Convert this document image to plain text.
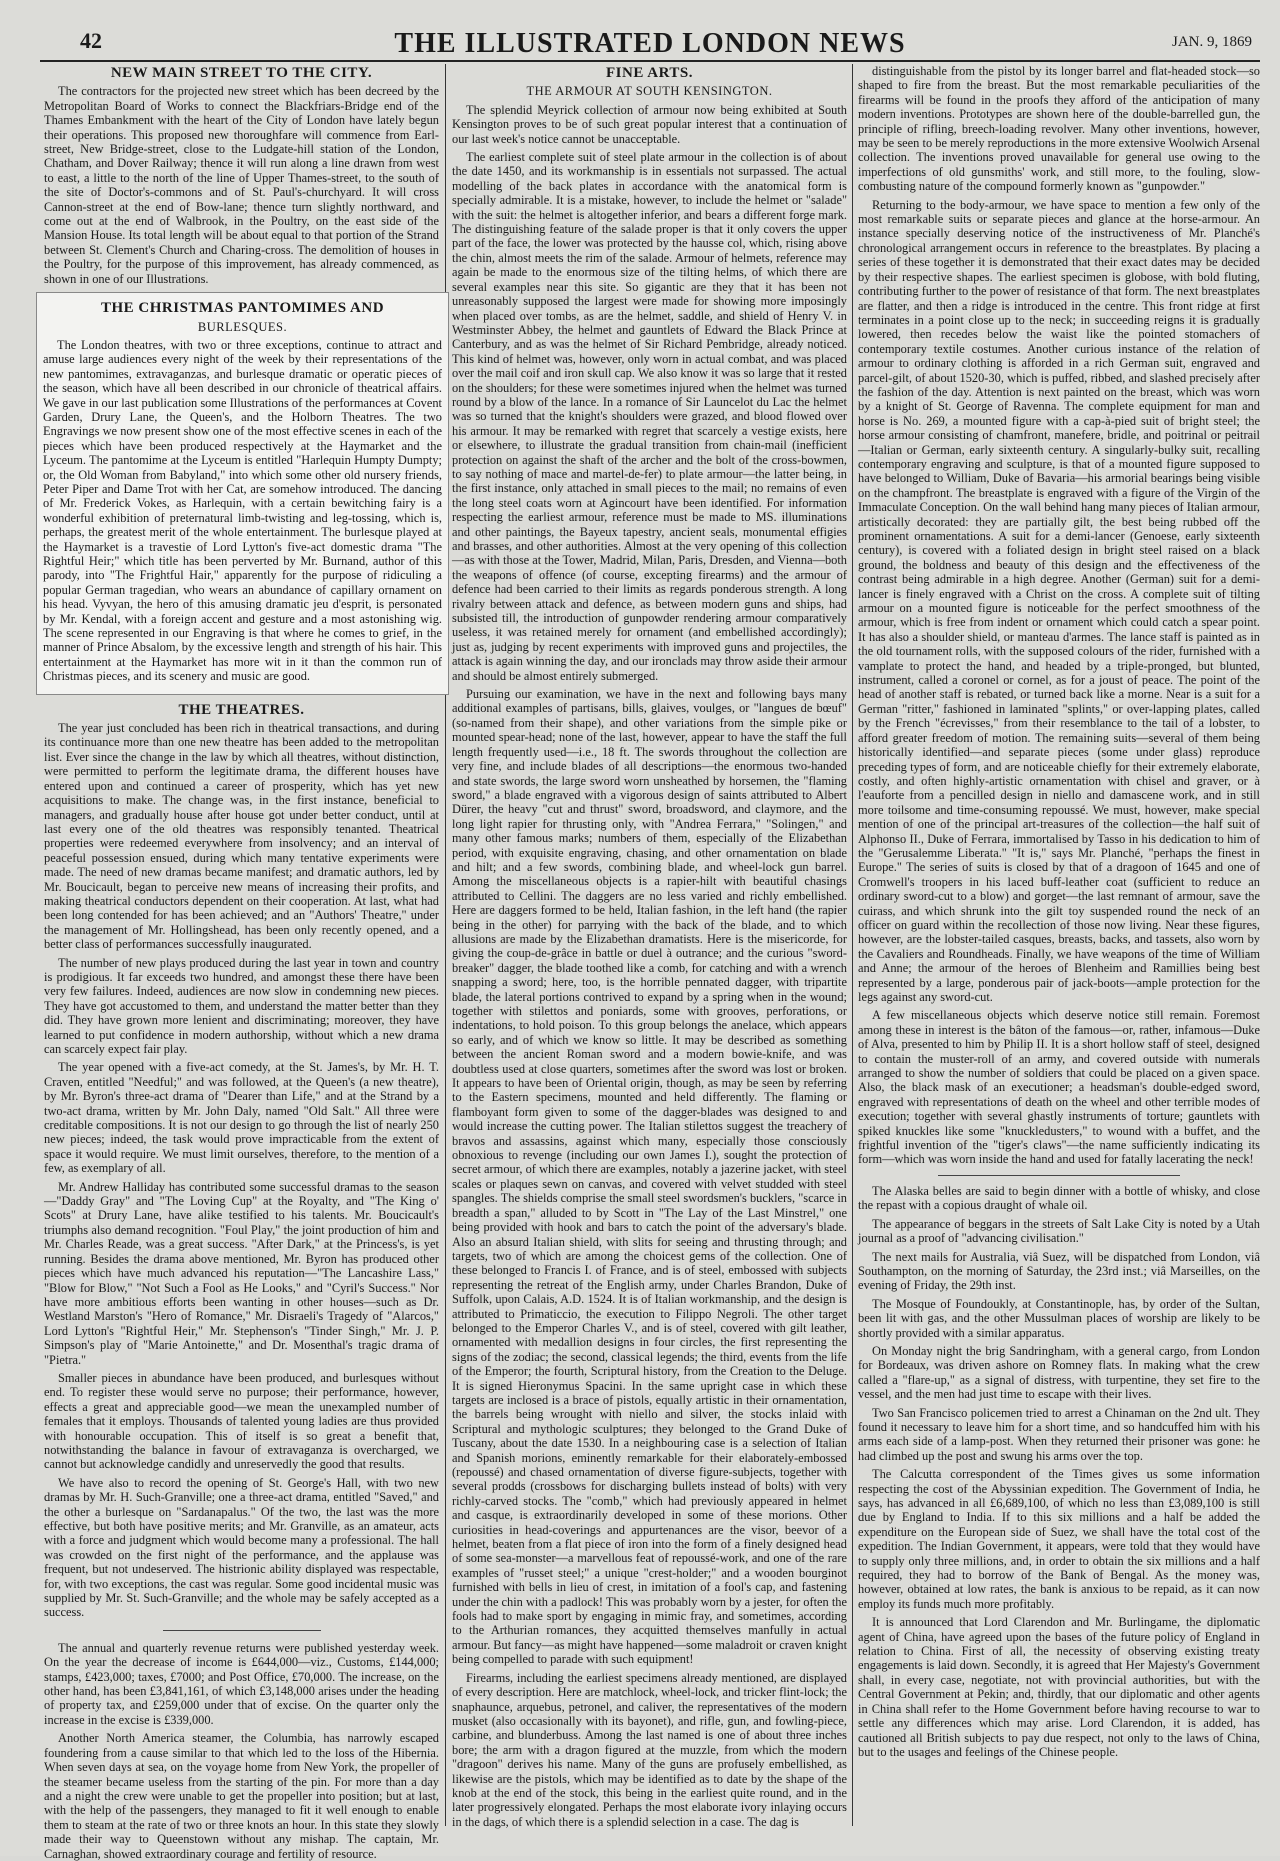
42	THE ILLUSTRATED LONDON NEWS	JAN. 9, 1869
NEW MAIN STREET TO THE CITY.

The contractors for the projected new street which has been decreed by the Metropolitan Board of Works to connect the Blackfriars-Bridge end of the Thames Embankment with the heart of the City of London have lately begun their operations. This proposed new thoroughfare will commence from Earl-street, New Bridge-street, close to the Ludgate-hill station of the London, Chatham, and Dover Railway; thence it will run along a line drawn from west to east, a little to the north of the line of Upper Thames-street, to the south of the site of Doctor's-commons and of St. Paul's-churchyard. It will cross Cannon-street at the end of Bow-lane; thence turn slightly northward, and come out at the end of Walbrook, in the Poultry, on the east side of the Mansion House. Its total length will be about equal to that portion of the Strand between St. Clement's Church and Charing-cross. The demolition of houses in the Poultry, for the purpose of this improvement, has already commenced, as shown in one of our Illustrations.

THE CHRISTMAS PANTOMIMES AND
BURLESQUES.

The London theatres, with two or three exceptions, continue to attract and amuse large audiences every night of the week by their representations of the new pantomimes, extravaganzas, and burlesque dramatic or operatic pieces of the season, which have all been described in our chronicle of theatrical affairs. We gave in our last publication some Illustrations of the performances at Covent Garden, Drury Lane, the Queen's, and the Holborn Theatres. The two Engravings we now present show one of the most effective scenes in each of the pieces which have been produced respectively at the Haymarket and the Lyceum. The pantomime at the Lyceum is entitled "Harlequin Humpty Dumpty; or, the Old Woman from Babyland," into which some other old nursery friends, Peter Piper and Dame Trot with her Cat, are somehow introduced. The dancing of Mr. Frederick Vokes, as Harlequin, with a certain bewitching fairy is a wonderful exhibition of preternatural limb-twisting and leg-tossing, which is, perhaps, the greatest merit of the whole entertainment. The burlesque played at the Haymarket is a travestie of Lord Lytton's five-act domestic drama "The Rightful Heir;" which title has been perverted by Mr. Burnand, author of this parody, into "The Frightful Hair," apparently for the purpose of ridiculing a popular German tragedian, who wears an abundance of capillary ornament on his head. Vyvyan, the hero of this amusing dramatic jeu d'esprit, is personated by Mr. Kendal, with a foreign accent and gesture and a most astonishing wig. The scene represented in our Engraving is that where he comes to grief, in the manner of Prince Absalom, by the excessive length and strength of his hair. This entertainment at the Haymarket has more wit in it than the common run of Christmas pieces, and its scenery and music are good.

THE THEATRES.

The year just concluded has been rich in theatrical transactions, and during its continuance more than one new theatre has been added to the metropolitan list. Ever since the change in the law by which all theatres, without distinction, were permitted to perform the legitimate drama, the different houses have entered upon and continued a career of prosperity, which has yet new acquisitions to make. The change was, in the first instance, beneficial to managers, and gradually house after house got under better conduct, until at last every one of the old theatres was responsibly tenanted. Theatrical properties were redeemed everywhere from insolvency; and an interval of peaceful possession ensued, during which many tentative experiments were made. The need of new dramas became manifest; and dramatic authors, led by Mr. Boucicault, began to perceive new means of increasing their profits, and making theatrical conductors dependent on their cooperation. At last, what had been long contended for has been achieved; and an "Authors' Theatre," under the management of Mr. Hollingshead, has been only recently opened, and a better class of performances successfully inaugurated.

The number of new plays produced during the last year in town and country is prodigious. It far exceeds two hundred, and amongst these there have been very few failures. Indeed, audiences are now slow in condemning new pieces. They have got accustomed to them, and understand the matter better than they did. They have grown more lenient and discriminating; moreover, they have learned to put confidence in modern authorship, without which a new drama can scarcely expect fair play.

The year opened with a five-act comedy, at the St. James's, by Mr. H. T. Craven, entitled "Needful;" and was followed, at the Queen's (a new theatre), by Mr. Byron's three-act drama of "Dearer than Life," and at the Strand by a two-act drama, written by Mr. John Daly, named "Old Salt." All three were creditable compositions. It is not our design to go through the list of nearly 250 new pieces; indeed, the task would prove impracticable from the extent of space it would require. We must limit ourselves, therefore, to the mention of a few, as exemplary of all.

Mr. Andrew Halliday has contributed some successful dramas to the season—"Daddy Gray" and "The Loving Cup" at the Royalty, and "The King o' Scots" at Drury Lane, have alike testified to his talents. Mr. Boucicault's triumphs also demand recognition. "Foul Play," the joint production of him and Mr. Charles Reade, was a great success. "After Dark," at the Princess's, is yet running. Besides the drama above mentioned, Mr. Byron has produced other pieces which have much advanced his reputation—"The Lancashire Lass," "Blow for Blow," "Not Such a Fool as He Looks," and "Cyril's Success." Nor have more ambitious efforts been wanting in other houses—such as Dr. Westland Marston's "Hero of Romance," Mr. Disraeli's Tragedy of "Alarcos," Lord Lytton's "Rightful Heir," Mr. Stephenson's "Tinder Singh," Mr. J. P. Simpson's play of "Marie Antoinette," and Dr. Mosenthal's tragic drama of "Pietra."

Smaller pieces in abundance have been produced, and burlesques without end. To register these would serve no purpose; their performance, however, effects a great and appreciable good—we mean the unexampled number of females that it employs. Thousands of talented young ladies are thus provided with honourable occupation. This of itself is so great a benefit that, notwithstanding the balance in favour of extravaganza is overcharged, we cannot but acknowledge candidly and unreservedly the good that results.

We have also to record the opening of St. George's Hall, with two new dramas by Mr. H. Such-Granville; one a three-act drama, entitled "Saved," and the other a burlesque on "Sardanapalus." Of the two, the last was the more effective, but both have positive merits; and Mr. Granville, as an amateur, acts with a force and judgment which would become many a professional. The hall was crowded on the first night of the performance, and the applause was frequent, but not undeserved. The histrionic ability displayed was respectable, for, with two exceptions, the cast was regular. Some good incidental music was supplied by Mr. St. Such-Granville; and the whole may be safely accepted as a success.

The annual and quarterly revenue returns were published yesterday week. On the year the decrease of income is £644,000—viz., Customs, £144,000; stamps, £423,000; taxes, £7000; and Post Office, £70,000. The increase, on the other hand, has been £3,841,161, of which £3,148,000 arises under the heading of property tax, and £259,000 under that of excise. On the quarter only the increase in the excise is £339,000.

Another North America steamer, the Columbia, has narrowly escaped foundering from a cause similar to that which led to the loss of the Hibernia. When seven days at sea, on the voyage home from New York, the propeller of the steamer became useless from the starting of the pin. For more than a day and a night the crew were unable to get the propeller into position; but at last, with the help of the passengers, they managed to fit it well enough to enable them to steam at the rate of two or three knots an hour. In this state they slowly made their way to Queenstown without any mishap. The captain, Mr. Carnaghan, showed extraordinary courage and fertility of resource.

FINE ARTS.
THE ARMOUR AT SOUTH KENSINGTON.

The splendid Meyrick collection of armour now being exhibited at South Kensington proves to be of such great popular interest that a continuation of our last week's notice cannot be unacceptable.

The earliest complete suit of steel plate armour in the collection is of about the date 1450, and its workmanship is in essentials not surpassed. The actual modelling of the back plates in accordance with the anatomical form is specially admirable. It is a mistake, however, to include the helmet or "salade" with the suit: the helmet is altogether inferior, and bears a different forge mark. The distinguishing feature of the salade proper is that it only covers the upper part of the face, the lower was protected by the hausse col, which, rising above the chin, almost meets the rim of the salade. Armour of helmets, reference may again be made to the enormous size of the tilting helms, of which there are several examples near this site. So gigantic are they that it has been not unreasonably supposed the largest were made for showing more imposingly when placed over tombs, as are the helmet, saddle, and shield of Henry V. in Westminster Abbey, the helmet and gauntlets of Edward the Black Prince at Canterbury, and as was the helmet of Sir Richard Pembridge, already noticed. This kind of helmet was, however, only worn in actual combat, and was placed over the mail coif and iron skull cap. We also know it was so large that it rested on the shoulders; for these were sometimes injured when the helmet was turned round by a blow of the lance. In a romance of Sir Launcelot du Lac the helmet was so turned that the knight's shoulders were grazed, and blood flowed over his armour. It may be remarked with regret that scarcely a vestige exists, here or elsewhere, to illustrate the gradual transition from chain-mail (inefficient protection on against the shaft of the archer and the bolt of the cross-bowmen, to say nothing of mace and martel-de-fer) to plate armour—the latter being, in the first instance, only attached in small pieces to the mail; no remains of even the long steel coats worn at Agincourt have been identified. For information respecting the earliest armour, reference must be made to MS. illuminations and other paintings, the Bayeux tapestry, ancient seals, monumental effigies and brasses, and other authorities. Almost at the very opening of this collection—as with those at the Tower, Madrid, Milan, Paris, Dresden, and Vienna—both the weapons of offence (of course, excepting firearms) and the armour of defence had been carried to their limits as regards ponderous strength. A long rivalry between attack and defence, as between modern guns and ships, had subsisted till, the introduction of gunpowder rendering armour comparatively useless, it was retained merely for ornament (and embellished accordingly); just as, judging by recent experiments with improved guns and projectiles, the attack is again winning the day, and our ironclads may throw aside their armour and should be almost entirely submerged.

Pursuing our examination, we have in the next and following bays many additional examples of partisans, bills, glaives, voulges, or "langues de bœuf" (so-named from their shape), and other variations from the simple pike or mounted spear-head; none of the last, however, appear to have the staff the full length frequently used—i.e., 18 ft. The swords throughout the collection are very fine, and include blades of all descriptions—the enormous two-handed and state swords, the large sword worn unsheathed by horsemen, the "flaming sword," a blade engraved with a vigorous design of saints attributed to Albert Dürer, the heavy "cut and thrust" sword, broadsword, and claymore, and the long light rapier for thrusting only, with "Andrea Ferrara," "Solingen," and many other famous marks; numbers of them, especially of the Elizabethan period, with exquisite engraving, chasing, and other ornamentation on blade and hilt; and a few swords, combining blade, and wheel-lock gun barrel. Among the miscellaneous objects is a rapier-hilt with beautiful chasings attributed to Cellini. The daggers are no less varied and richly embellished. Here are daggers formed to be held, Italian fashion, in the left hand (the rapier being in the other) for parrying with the back of the blade, and to which allusions are made by the Elizabethan dramatists. Here is the misericorde, for giving the coup-de-grâce in battle or duel à outrance; and the curious "sword-breaker" dagger, the blade toothed like a comb, for catching and with a wrench snapping a sword; here, too, is the horrible pennated dagger, with tripartite blade, the lateral portions contrived to expand by a spring when in the wound; together with stilettos and poniards, some with grooves, perforations, or indentations, to hold poison. To this group belongs the anelace, which appears so early, and of which we know so little. It may be described as something between the ancient Roman sword and a modern bowie-knife, and was doubtless used at close quarters, sometimes after the sword was lost or broken. It appears to have been of Oriental origin, though, as may be seen by referring to the Eastern specimens, mounted and held differently. The flaming or flamboyant form given to some of the dagger-blades was designed to and would increase the cutting power. The Italian stilettos suggest the treachery of bravos and assassins, against which many, especially those consciously obnoxious to revenge (including our own James I.), sought the protection of secret armour, of which there are examples, notably a jazerine jacket, with steel scales or plaques sewn on canvas, and covered with velvet studded with steel spangles. The shields comprise the small steel swordsmen's bucklers, "scarce in breadth a span," alluded to by Scott in "The Lay of the Last Minstrel," one being provided with hook and bars to catch the point of the adversary's blade. Also an absurd Italian shield, with slits for seeing and thrusting through; and targets, two of which are among the choicest gems of the collection. One of these belonged to Francis I. of France, and is of steel, embossed with subjects representing the retreat of the English army, under Charles Brandon, Duke of Suffolk, upon Calais, A.D. 1524. It is of Italian workmanship, and the design is attributed to Primaticcio, the execution to Filippo Negroli. The other target belonged to the Emperor Charles V., and is of steel, covered with gilt leather, ornamented with medallion designs in four circles, the first representing the signs of the zodiac; the second, classical legends; the third, events from the life of the Emperor; the fourth, Scriptural history, from the Creation to the Deluge. It is signed Hieronymus Spacini. In the same upright case in which these targets are inclosed is a brace of pistols, equally artistic in their ornamentation, the barrels being wrought with niello and silver, the stocks inlaid with Scriptural and mythologic sculptures; they belonged to the Grand Duke of Tuscany, about the date 1530. In a neighbouring case is a selection of Italian and Spanish morions, eminently remarkable for their elaborately-embossed (repoussé) and chased ornamentation of diverse figure-subjects, together with several prodds (crossbows for discharging bullets instead of bolts) with very richly-carved stocks. The "comb," which had previously appeared in helmet and casque, is extraordinarily developed in some of these morions. Other curiosities in head-coverings and appurtenances are the visor, beevor of a helmet, beaten from a flat piece of iron into the form of a finely designed head of some sea-monster—a marvellous feat of repoussé-work, and one of the rare examples of "russet steel;" a unique "crest-holder;" and a wooden bourginot furnished with bells in lieu of crest, in imitation of a fool's cap, and fastening under the chin with a padlock! This was probably worn by a jester, for often the fools had to make sport by engaging in mimic fray, and sometimes, according to the Arthurian romances, they acquitted themselves manfully in actual armour. But fancy—as might have happened—some maladroit or craven knight being compelled to parade with such equipment!

Firearms, including the earliest specimens already mentioned, are displayed of every description. Here are matchlock, wheel-lock, and tricker flint-lock; the snaphaunce, arquebus, petronel, and caliver, the representatives of the modern musket (also occasionally with its bayonet), and rifle, gun, and fowling-piece, carbine, and blunderbuss. Among the last named is one of about three inches bore; the arm with a dragon figured at the muzzle, from which the modern "dragoon" derives his name. Many of the guns are profusely embellished, as likewise are the pistols, which may be identified as to date by the shape of the knob at the end of the stock, this being in the earliest quite round, and in the later progressively elongated. Perhaps the most elaborate ivory inlaying occurs in the dags, of which there is a splendid selection in a case. The dag is

distinguishable from the pistol by its longer barrel and flat-headed stock—so shaped to fire from the breast. But the most remarkable peculiarities of the firearms will be found in the proofs they afford of the anticipation of many modern inventions. Prototypes are shown here of the double-barrelled gun, the principle of rifling, breech-loading revolver. Many other inventions, however, may be seen to be merely reproductions in the more extensive Woolwich Arsenal collection. The inventions proved unavailable for general use owing to the imperfections of old gunsmiths' work, and still more, to the fouling, slow-combusting nature of the compound formerly known as "gunpowder."

Returning to the body-armour, we have space to mention a few only of the most remarkable suits or separate pieces and glance at the horse-armour. An instance specially deserving notice of the instructiveness of Mr. Planché's chronological arrangement occurs in reference to the breastplates. By placing a series of these together it is demonstrated that their exact dates may be decided by their respective shapes. The earliest specimen is globose, with bold fluting, contributing further to the power of resistance of that form. The next breastplates are flatter, and then a ridge is introduced in the centre. This front ridge at first terminates in a point close up to the neck; in succeeding reigns it is gradually lowered, then recedes below the waist like the pointed stomachers of contemporary textile costumes. Another curious instance of the relation of armour to ordinary clothing is afforded in a rich German suit, engraved and parcel-gilt, of about 1520-30, which is puffed, ribbed, and slashed precisely after the fashion of the day. Attention is next painted on the breast, which was worn by a knight of St. George of Ravenna. The complete equipment for man and horse is No. 269, a mounted figure with a cap-à-pied suit of bright steel; the horse armour consisting of chamfront, manefere, bridle, and poitrinal or peitrail—Italian or German, early sixteenth century. A singularly-bulky suit, recalling contemporary engraving and sculpture, is that of a mounted figure supposed to have belonged to William, Duke of Bavaria—his armorial bearings being visible on the champfront. The breastplate is engraved with a figure of the Virgin of the Immaculate Conception. On the wall behind hang many pieces of Italian armour, artistically decorated: they are partially gilt, the best being rubbed off the prominent ornamentations. A suit for a demi-lancer (Genoese, early sixteenth century), is covered with a foliated design in bright steel raised on a black ground, the boldness and beauty of this design and the effectiveness of the contrast being admirable in a high degree. Another (German) suit for a demi-lancer is finely engraved with a Christ on the cross. A complete suit of tilting armour on a mounted figure is noticeable for the perfect smoothness of the armour, which is free from indent or ornament which could catch a spear point. It has also a shoulder shield, or manteau d'armes. The lance staff is painted as in the old tournament rolls, with the supposed colours of the rider, furnished with a vamplate to protect the hand, and headed by a triple-pronged, but blunted, instrument, called a coronel or cornel, as for a joust of peace. The point of the head of another staff is rebated, or turned back like a morne. Near is a suit for a German "ritter," fashioned in laminated "splints," or over-lapping plates, called by the French "écrevisses," from their resemblance to the tail of a lobster, to afford greater freedom of motion. The remaining suits—several of them being historically identified—and separate pieces (some under glass) reproduce preceding types of form, and are noticeable chiefly for their extremely elaborate, costly, and often highly-artistic ornamentation with chisel and graver, or à l'eauforte from a pencilled design in niello and damascene work, and in still more toilsome and time-consuming repoussé. We must, however, make special mention of one of the principal art-treasures of the collection—the half suit of Alphonso II., Duke of Ferrara, immortalised by Tasso in his dedication to him of the "Gerusalemme Liberata." "It is," says Mr. Planché, "perhaps the finest in Europe." The series of suits is closed by that of a dragoon of 1645 and one of Cromwell's troopers in his laced buff-leather coat (sufficient to reduce an ordinary sword-cut to a blow) and gorget—the last remnant of armour, save the cuirass, and which shrunk into the gilt toy suspended round the neck of an officer on guard within the recollection of those now living. Near these figures, however, are the lobster-tailed casques, breasts, backs, and tassets, also worn by the Cavaliers and Roundheads. Finally, we have weapons of the time of William and Anne; the armour of the heroes of Blenheim and Ramillies being best represented by a large, ponderous pair of jack-boots—ample protection for the legs against any sword-cut.

A few miscellaneous objects which deserve notice still remain. Foremost among these in interest is the bâton of the famous—or, rather, infamous—Duke of Alva, presented to him by Philip II. It is a short hollow staff of steel, designed to contain the muster-roll of an army, and covered outside with numerals arranged to show the number of soldiers that could be placed on a given space. Also, the black mask of an executioner; a headsman's double-edged sword, engraved with representations of death on the wheel and other terrible modes of execution; together with several ghastly instruments of torture; gauntlets with spiked knuckles like some "knuckledusters," to wound with a buffet, and the frightful invention of the "tiger's claws"—the name sufficiently indicating its form—which was worn inside the hand and used for fatally lacerating the neck!

The Alaska belles are said to begin dinner with a bottle of whisky, and close the repast with a copious draught of whale oil.

The appearance of beggars in the streets of Salt Lake City is noted by a Utah journal as a proof of "advancing civilisation."

The next mails for Australia, viâ Suez, will be dispatched from London, viâ Southampton, on the morning of Saturday, the 23rd inst.; viâ Marseilles, on the evening of Friday, the 29th inst.

The Mosque of Foundoukly, at Constantinople, has, by order of the Sultan, been lit with gas, and the other Mussulman places of worship are likely to be shortly provided with a similar apparatus.

On Monday night the brig Sandringham, with a general cargo, from London for Bordeaux, was driven ashore on Romney flats. In making what the crew called a "flare-up," as a signal of distress, with turpentine, they set fire to the vessel, and the men had just time to escape with their lives.

Two San Francisco policemen tried to arrest a Chinaman on the 2nd ult. They found it necessary to leave him for a short time, and so handcuffed him with his arms each side of a lamp-post. When they returned their prisoner was gone: he had climbed up the post and swung his arms over the top.

The Calcutta correspondent of the Times gives us some information respecting the cost of the Abyssinian expedition. The Government of India, he says, has advanced in all £6,689,100, of which no less than £3,089,100 is still due by England to India. If to this six millions and a half be added the expenditure on the European side of Suez, we shall have the total cost of the expedition. The Indian Government, it appears, were told that they would have to supply only three millions, and, in order to obtain the six millions and a half required, they had to borrow of the Bank of Bengal. As the money was, however, obtained at low rates, the bank is anxious to be repaid, as it can now employ its funds much more profitably.

It is announced that Lord Clarendon and Mr. Burlingame, the diplomatic agent of China, have agreed upon the bases of the future policy of England in relation to China. First of all, the necessity of observing existing treaty engagements is laid down. Secondly, it is agreed that Her Majesty's Government shall, in every case, negotiate, not with provincial authorities, but with the Central Government at Pekin; and, thirdly, that our diplomatic and other agents in China shall refer to the Home Government before having recourse to war to settle any differences which may arise. Lord Clarendon, it is added, has cautioned all British subjects to pay due respect, not only to the laws of China, but to the usages and feelings of the Chinese people.
